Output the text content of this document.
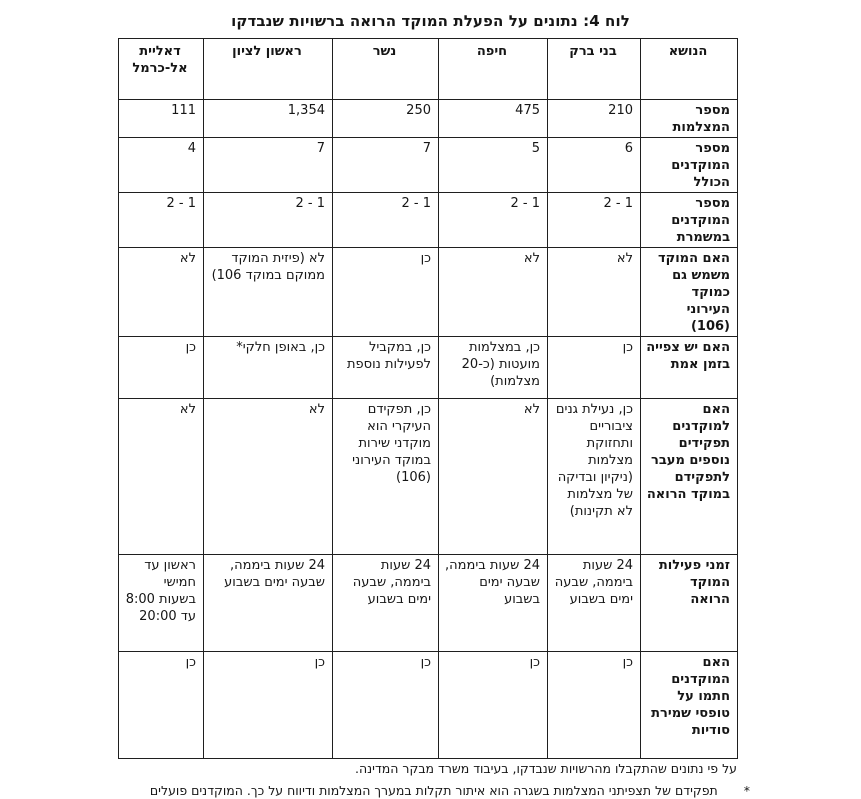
לוח 4: נתונים על הפעלת המוקד הרואה ברשויות שנבדקו
הנושא	בני ברק	חיפה	נשר	ראשון לציון	דאליית אל-כרמל
מספר המצלמות	210	475	250	1,354	111
מספר המוקדנים הכולל	6	5	7	7	4
מספר המוקדנים במשמרת	1 - 2	1 - 2	1 - 2	1 - 2	1 - 2
האם המוקד משמש גם כמוקד העירוני (106)	לא	לא	כן	לא (פיזית המוקד ממוקם במוקד 106)	לא
האם יש צפייה בזמן אמת	כן	כן, במצלמות מועטות (כ-20 מצלמות)	כן, במקביל לפעילות נוספת	כן, באופן חלקי*	כן
האם למוקדנים תפקידים נוספים מעבר לתפקידם במוקד הרואה	כן, נעילת גנים ציבוריים ותחזוקת מצלמות (ניקיון ובדיקה של מצלמות לא תקינות)	לא	כן, תפקידם העיקרי הוא מוקדני שירות במוקד העירוני (106)	לא	לא
זמני פעילות המוקד הרואה	24 שעות ביממה, שבעה ימים בשבוע	24 שעות ביממה, שבעה ימים בשבוע	24 שעות ביממה, שבעה ימים בשבוע	24 שעות ביממה, שבעה ימים בשבוע	ראשון עד חמישי בשעות 8:00 עד 20:00
האם המוקדנים חתמו על טופסי שמירת סודיות	כן	כן	כן	כן	כן
על פי נתונים שהתקבלו מהרשויות שנבדקו, בעיבוד משרד מבקר המדינה.
*
תפקידם של תצפיתני המצלמות בשגרה הוא איתור תקלות במערך המצלמות ודיווח על כך. המוקדנים פועלים
